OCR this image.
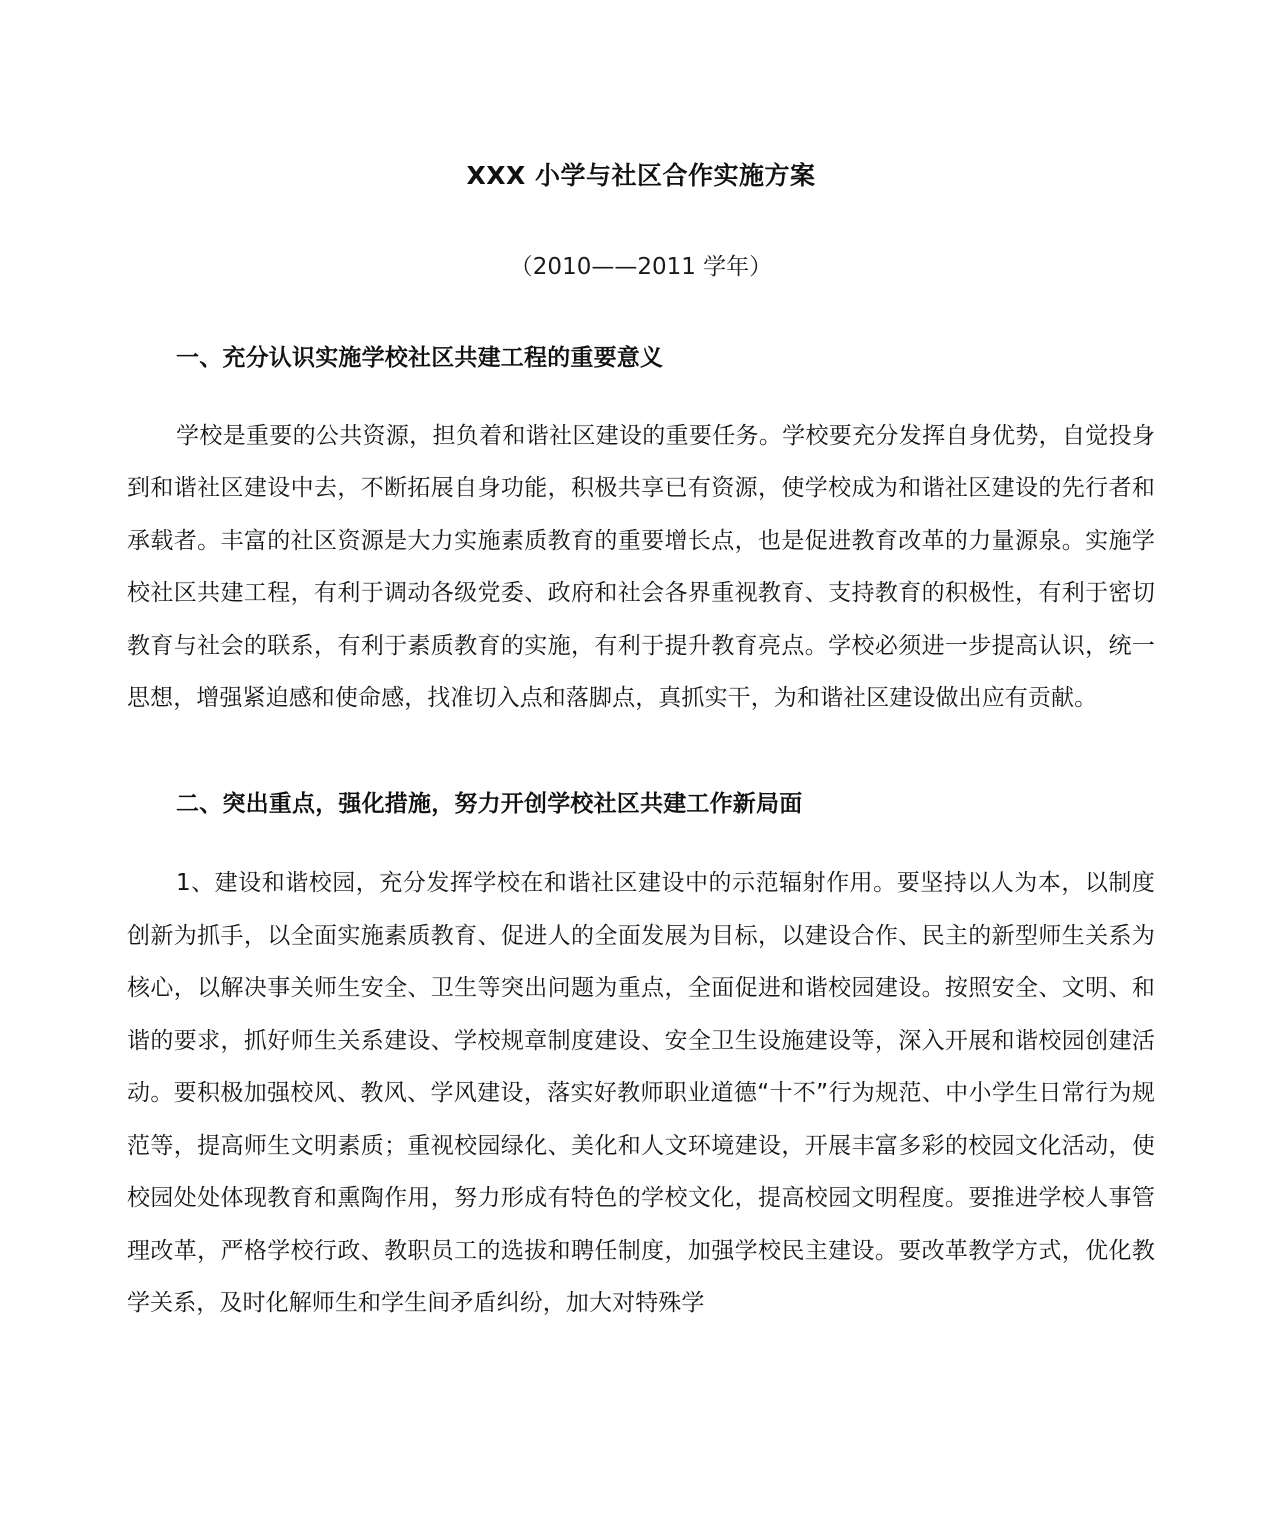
XXX 小学与社区合作实施方案

（2010——2011 学年）

一、充分认识实施学校社区共建工程的重要意义

学校是重要的公共资源，担负着和谐社区建设的重要任务。学校要充分发挥自身优势，自觉投身到和谐社区建设中去，不断拓展自身功能，积极共享已有资源，使学校成为和谐社区建设的先行者和承载者。丰富的社区资源是大力实施素质教育的重要增长点，也是促进教育改革的力量源泉。实施学校社区共建工程，有利于调动各级党委、政府和社会各界重视教育、支持教育的积极性，有利于密切教育与社会的联系，有利于素质教育的实施，有利于提升教育亮点。学校必须进一步提高认识，统一思想，增强紧迫感和使命感，找准切入点和落脚点，真抓实干，为和谐社区建设做出应有贡献。

二、突出重点，强化措施，努力开创学校社区共建工作新局面

1、建设和谐校园，充分发挥学校在和谐社区建设中的示范辐射作用。要坚持以人为本，以制度创新为抓手，以全面实施素质教育、促进人的全面发展为目标，以建设合作、民主的新型师生关系为核心，以解决事关师生安全、卫生等突出问题为重点，全面促进和谐校园建设。按照安全、文明、和谐的要求，抓好师生关系建设、学校规章制度建设、安全卫生设施建设等，深入开展和谐校园创建活动。要积极加强校风、教风、学风建设，落实好教师职业道德“十不”行为规范、中小学生日常行为规范等，提高师生文明素质；重视校园绿化、美化和人文环境建设，开展丰富多彩的校园文化活动，使校园处处体现教育和熏陶作用，努力形成有特色的学校文化，提高校园文明程度。要推进学校人事管理改革，严格学校行政、教职员工的选拔和聘任制度，加强学校民主建设。要改革教学方式，优化教学关系，及时化解师生和学生间矛盾纠纷，加大对特殊学
